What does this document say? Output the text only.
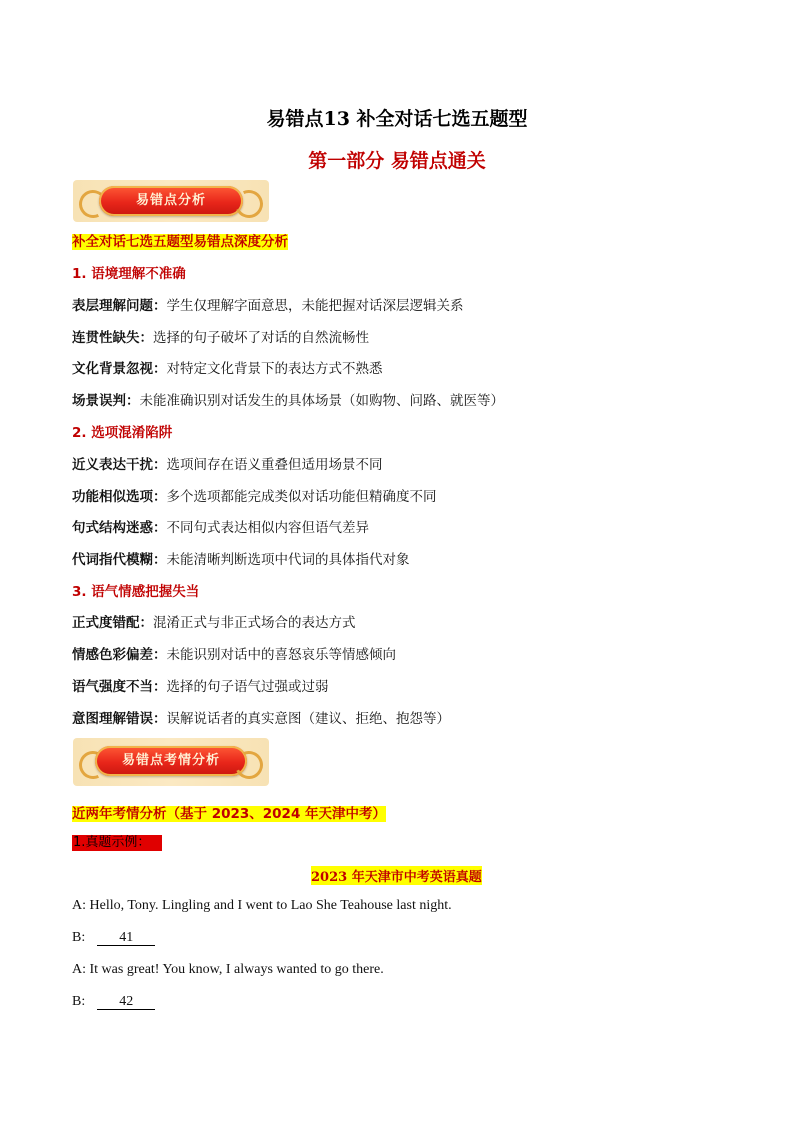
易错点13 补全对话七选五题型
第一部分 易错点通关
易错点分析
补全对话七选五题型易错点深度分析
1. 语境理解不准确
表层理解问题：学生仅理解字面意思，未能把握对话深层逻辑关系
连贯性缺失：选择的句子破坏了对话的自然流畅性
文化背景忽视：对特定文化背景下的表达方式不熟悉
场景误判：未能准确识别对话发生的具体场景（如购物、问路、就医等）
2. 选项混淆陷阱
近义表达干扰：选项间存在语义重叠但适用场景不同
功能相似选项：多个选项都能完成类似对话功能但精确度不同
句式结构迷惑：不同句式表达相似内容但语气差异
代词指代模糊：未能清晰判断选项中代词的具体指代对象
3. 语气情感把握失当
正式度错配：混淆正式与非正式场合的表达方式
情感色彩偏差：未能识别对话中的喜怒哀乐等情感倾向
语气强度不当：选择的句子语气过强或过弱
意图理解错误：误解说话者的真实意图（建议、拒绝、抱怨等）
易错点考情分析
近两年考情分析（基于 2023、2024 年天津中考）
1.真题示例：
2023 年天津市中考英语真题
A: Hello, Tony. Lingling and I went to Lao She Teahouse last night.
B: 41
A: It was great! You know, I always wanted to go there.
B: 42
